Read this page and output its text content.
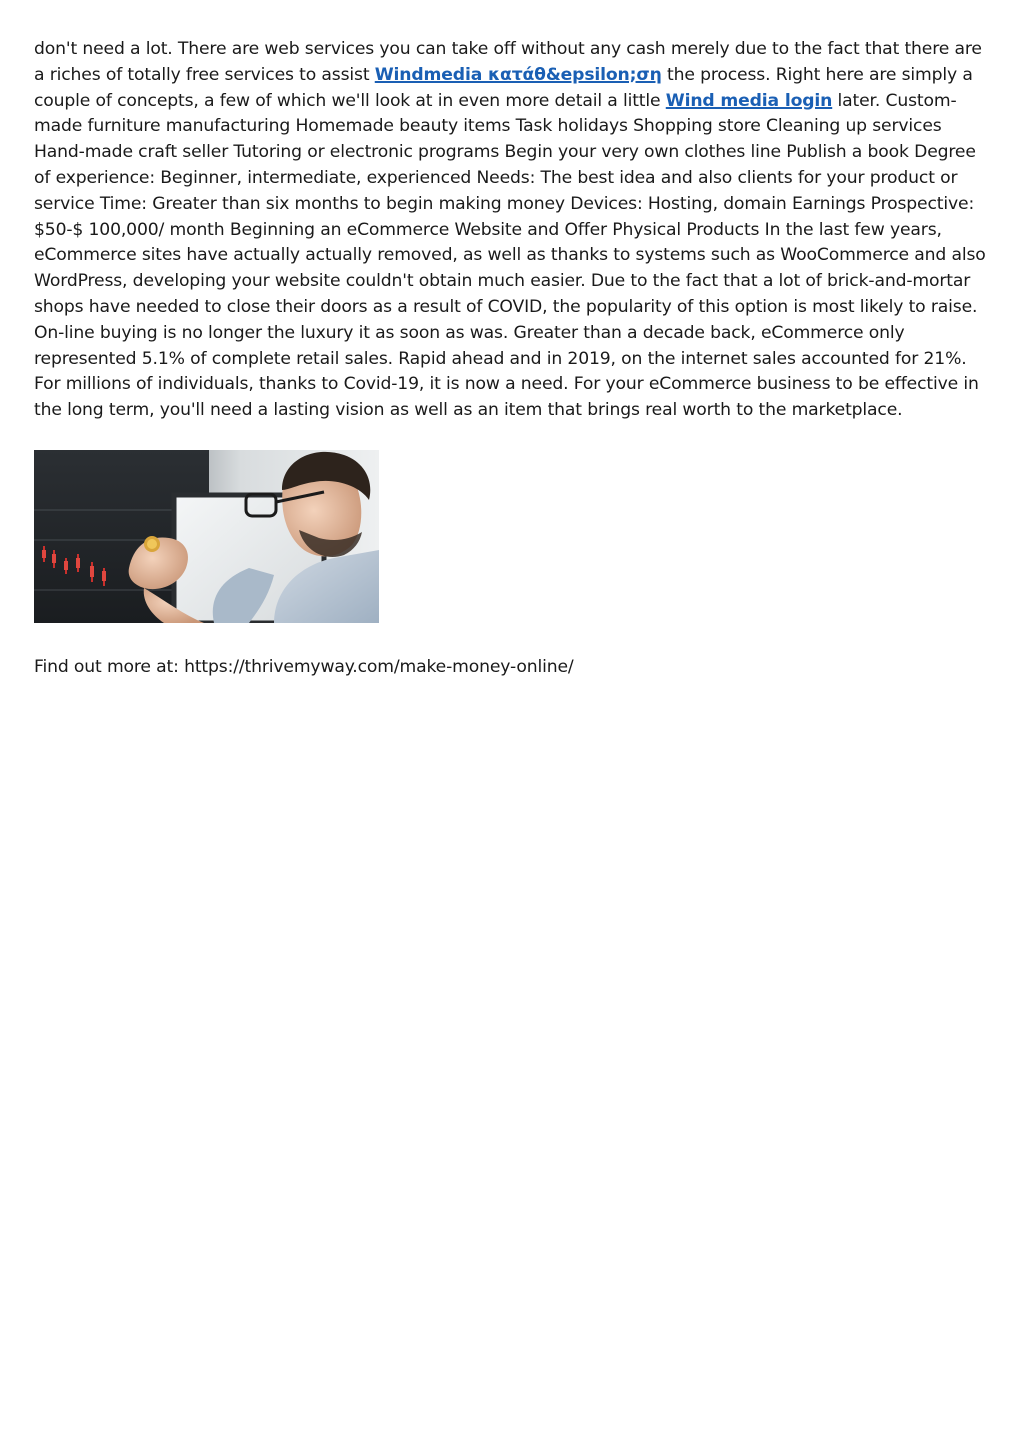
don't need a lot. There are web services you can take off without any cash merely due to the fact that there are a riches of totally free services to assist Windmedia κατάθ&epsilon;ση the process. Right here are simply a couple of concepts, a few of which we'll look at in even more detail a little Wind media login later. Custom-made furniture manufacturing Homemade beauty items Task holidays Shopping store Cleaning up services Hand-made craft seller Tutoring or electronic programs Begin your very own clothes line Publish a book Degree of experience: Beginner, intermediate, experienced Needs: The best idea and also clients for your product or service Time: Greater than six months to begin making money Devices: Hosting, domain Earnings Prospective: $50-$ 100,000/ month Beginning an eCommerce Website and Offer Physical Products In the last few years, eCommerce sites have actually actually removed, as well as thanks to systems such as WooCommerce and also WordPress, developing your website couldn't obtain much easier. Due to the fact that a lot of brick-and-mortar shops have needed to close their doors as a result of COVID, the popularity of this option is most likely to raise. On-line buying is no longer the luxury it as soon as was. Greater than a decade back, eCommerce only represented 5.1% of complete retail sales. Rapid ahead and in 2019, on the internet sales accounted for 21%. For millions of individuals, thanks to Covid-19, it is now a need. For your eCommerce business to be effective in the long term, you'll need a lasting vision as well as an item that brings real worth to the marketplace.

Find out more at: https://thrivemyway.com/make-money-online/
